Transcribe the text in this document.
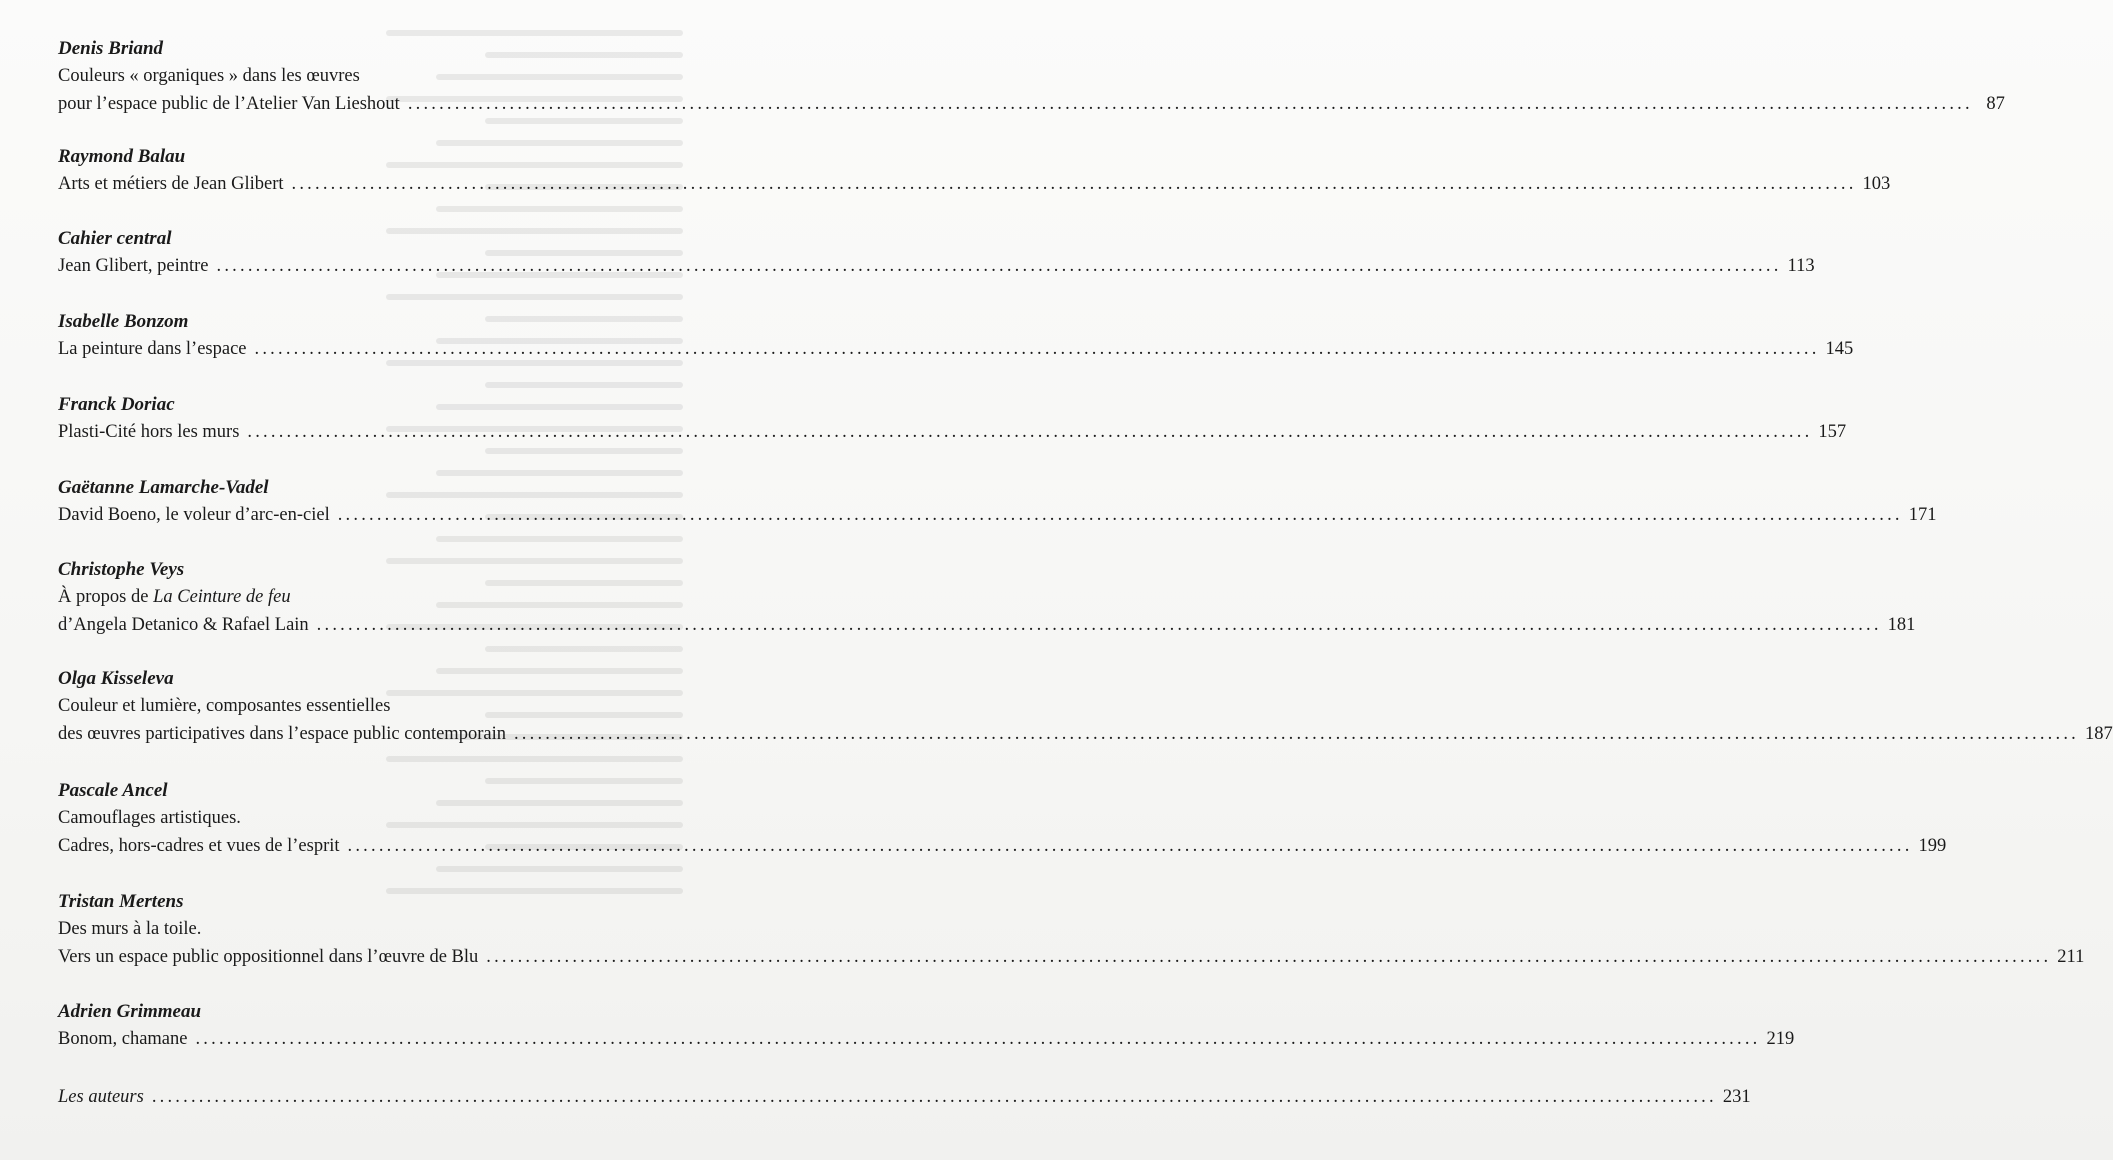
Denis Briand
Couleurs « organiques » dans les œuvres
pour l’espace public de l’Atelier Van Lieshout ........................................................................................................................................................................................................ 87
Raymond Balau
Arts et métiers de Jean Glibert ........................................................................................................................................................................................................ 103
Cahier central
Jean Glibert, peintre ........................................................................................................................................................................................................ 113
Isabelle Bonzom
La peinture dans l’espace ........................................................................................................................................................................................................ 145
Franck Doriac
Plasti-Cité hors les murs ........................................................................................................................................................................................................ 157
Gaëtanne Lamarche-Vadel
David Boeno, le voleur d’arc-en-ciel ........................................................................................................................................................................................................ 171
Christophe Veys
À propos de La Ceinture de feu
d’Angela Detanico & Rafael Lain ........................................................................................................................................................................................................ 181
Olga Kisseleva
Couleur et lumière, composantes essentielles
des œuvres participatives dans l’espace public contemporain ........................................................................................................................................................................................................ 187
Pascale Ancel
Camouflages artistiques.
Cadres, hors-cadres et vues de l’esprit ........................................................................................................................................................................................................ 199
Tristan Mertens
Des murs à la toile.
Vers un espace public oppositionnel dans l’œuvre de Blu ........................................................................................................................................................................................................ 211
Adrien Grimmeau
Bonom, chamane ........................................................................................................................................................................................................ 219
Les auteurs ........................................................................................................................................................................................................ 231
